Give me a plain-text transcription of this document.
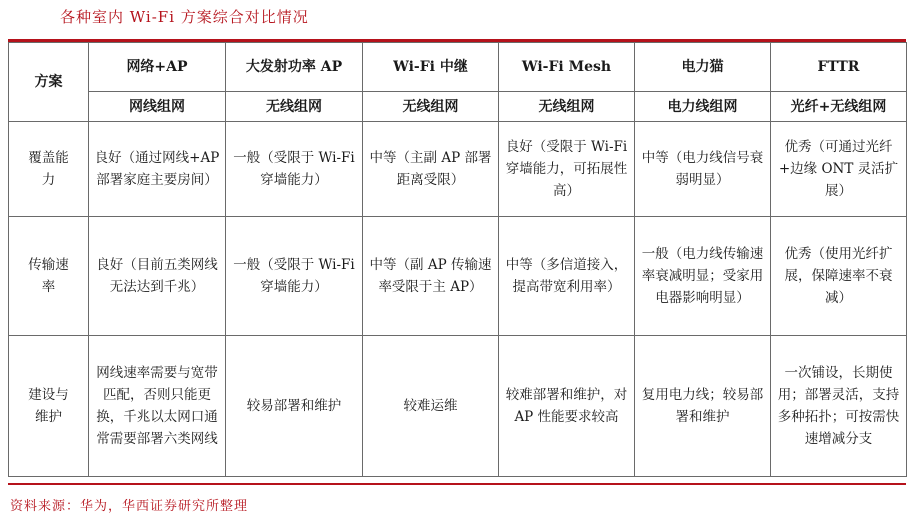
各种室内 Wi-Fi 方案综合对比情况
方案	网络+AP	大发射功率 AP	Wi-Fi 中继	Wi-Fi Mesh	电力猫	FTTR
	网线组网	无线组网	无线组网	无线组网	电力线组网	光纤+无线组网
覆盖能力	良好（通过网线+AP 部署家庭主要房间）	一般（受限于 Wi-Fi 穿墙能力）	中等（主副 AP 部署距离受限）	良好（受限于 Wi-Fi 穿墙能力，可拓展性高）	中等（电力线信号衰弱明显）	优秀（可通过光纤+边缘 ONT 灵活扩展）
传输速率	良好（目前五类网线无法达到千兆）	一般（受限于 Wi-Fi 穿墙能力）	中等（副 AP 传输速率受限于主 AP）	中等（多信道接入，提高带宽利用率）	一般（电力线传输速率衰减明显；受家用电器影响明显）	优秀（使用光纤扩展，保障速率不衰减）
建设与维护	网线速率需要与宽带匹配，否则只能更换，千兆以太网口通常需要部署六类网线	较易部署和维护	较难运维	较难部署和维护，对 AP 性能要求较高	复用电力线；较易部署和维护	一次铺设，长期使用；部署灵活，支持多种拓扑；可按需快速增减分支
资料来源：华为，华西证券研究所整理
